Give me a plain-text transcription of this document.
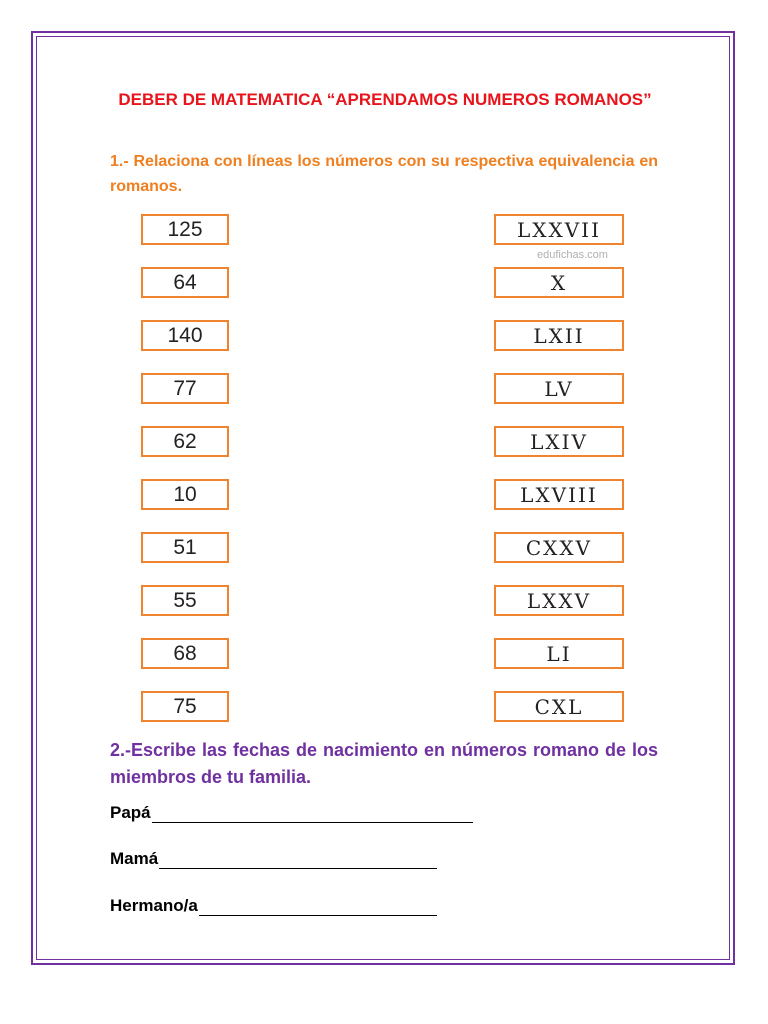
DEBER DE MATEMATICA “APRENDAMOS NUMEROS ROMANOS”
1.- Relaciona con líneas los números con su respectiva equivalencia en romanos.
125
64
140
77
62
10
51
55
68
75
LXXVII
X
LXII
LV
LXIV
LXVIII
CXXV
LXXV
LI
CXL
edufichas.com
2.-Escribe las fechas de nacimiento en números romano de los miembros de tu familia.
Papá
Mamá
Hermano/a
